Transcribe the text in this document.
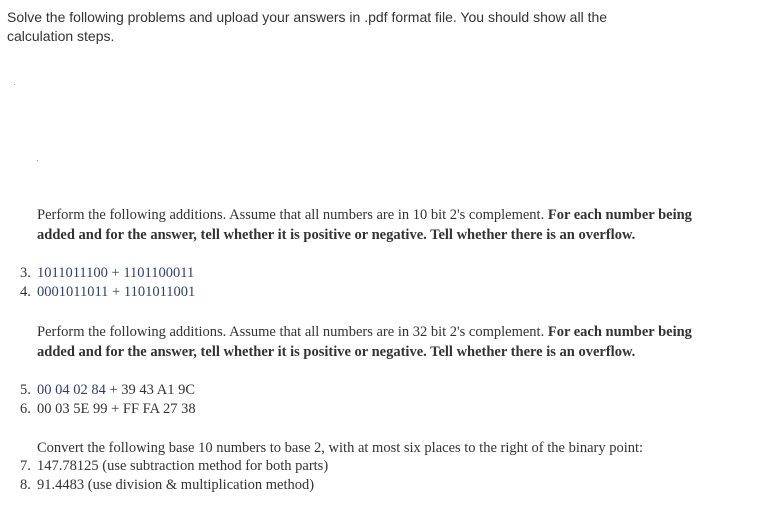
Solve the following problems and upload your answers in .pdf format file. You should show all the
calculation steps.
Perform the following additions. Assume that all numbers are in 10 bit 2's complement. For each number being added and for the answer, tell whether it is positive or negative. Tell whether there is an overflow.
3. 1011011100 + 1101100011
4. 0001011011 + 1101011001
Perform the following additions. Assume that all numbers are in 32 bit 2's complement. For each number being added and for the answer, tell whether it is positive or negative. Tell whether there is an overflow.
5. 00 04 02 84 + 39 43 A1 9C
6. 00 03 5E 99 + FF FA 27 38
Convert the following base 10 numbers to base 2, with at most six places to the right of the binary point:
7. 147.78125 (use subtraction method for both parts)
8. 91.4483 (use division & multiplication method)
